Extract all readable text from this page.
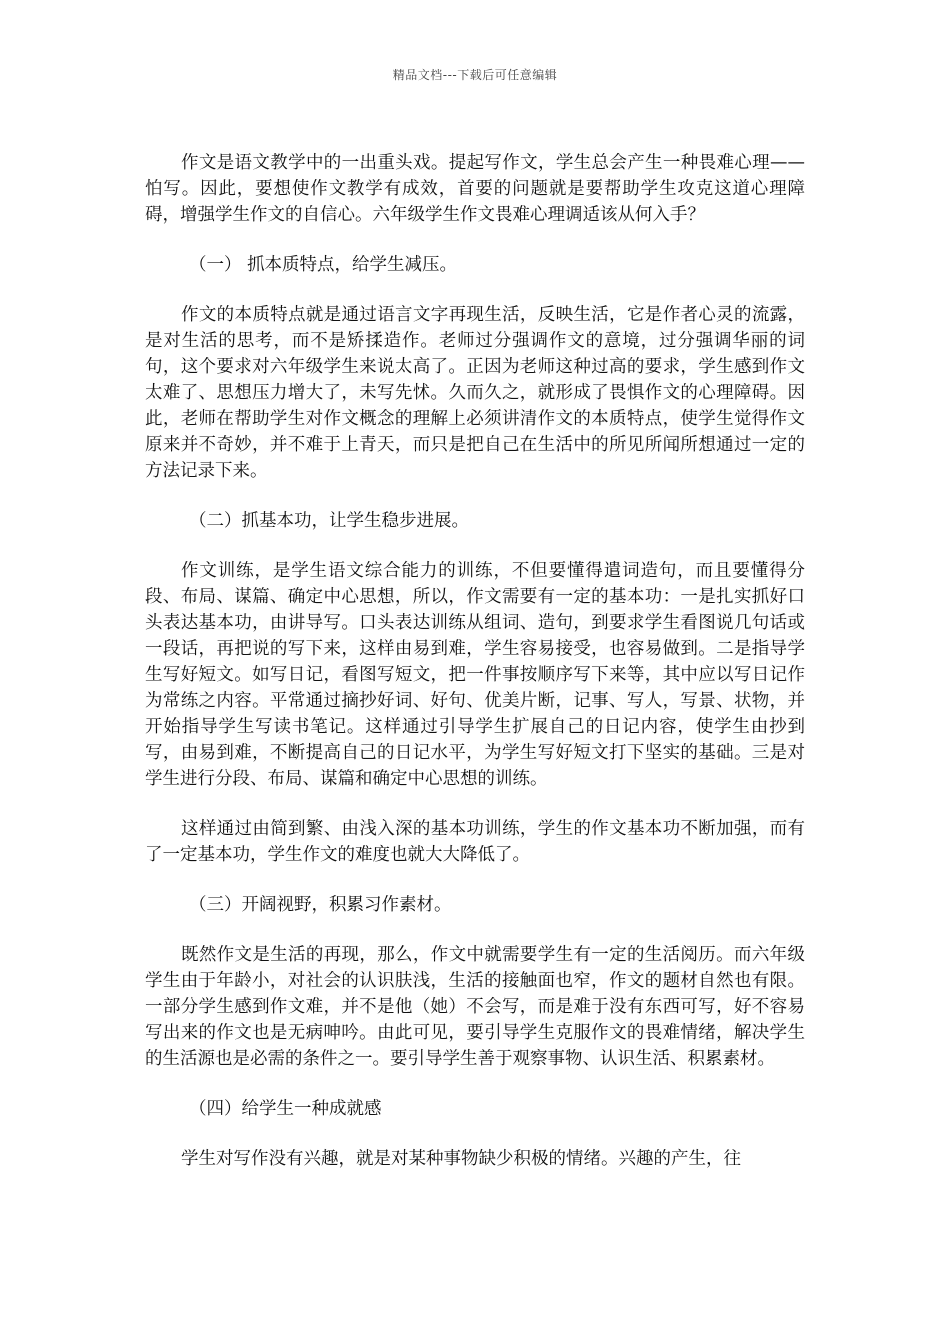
精品文档---下载后可任意编辑

作文是语文教学中的一出重头戏。提起写作文，学生总会产生一种畏难心理——怕写。因此，要想使作文教学有成效，首要的问题就是要帮助学生攻克这道心理障碍，增强学生作文的自信心。六年级学生作文畏难心理调适该从何入手？

（一） 抓本质特点，给学生减压。

作文的本质特点就是通过语言文字再现生活，反映生活，它是作者心灵的流露，是对生活的思考，而不是矫揉造作。老师过分强调作文的意境，过分强调华丽的词句，这个要求对六年级学生来说太高了。正因为老师这种过高的要求，学生感到作文太难了、思想压力增大了，未写先怵。久而久之，就形成了畏惧作文的心理障碍。因此，老师在帮助学生对作文概念的理解上必须讲清作文的本质特点，使学生觉得作文原来并不奇妙，并不难于上青天，而只是把自己在生活中的所见所闻所想通过一定的方法记录下来。

（二）抓基本功，让学生稳步进展。

作文训练，是学生语文综合能力的训练，不但要懂得遣词造句，而且要懂得分段、布局、谋篇、确定中心思想，所以，作文需要有一定的基本功：一是扎实抓好口头表达基本功，由讲导写。口头表达训练从组词、造句，到要求学生看图说几句话或一段话，再把说的写下来，这样由易到难，学生容易接受，也容易做到。二是指导学生写好短文。如写日记，看图写短文，把一件事按顺序写下来等，其中应以写日记作为常练之内容。平常通过摘抄好词、好句、优美片断，记事、写人，写景、状物，并开始指导学生写读书笔记。这样通过引导学生扩展自己的日记内容，使学生由抄到写，由易到难，不断提高自己的日记水平，为学生写好短文打下坚实的基础。三是对学生进行分段、布局、谋篇和确定中心思想的训练。

这样通过由简到繁、由浅入深的基本功训练，学生的作文基本功不断加强，而有了一定基本功，学生作文的难度也就大大降低了。

（三）开阔视野，积累习作素材。

既然作文是生活的再现，那么，作文中就需要学生有一定的生活阅历。而六年级学生由于年龄小，对社会的认识肤浅，生活的接触面也窄，作文的题材自然也有限。一部分学生感到作文难，并不是他（她）不会写，而是难于没有东西可写，好不容易写出来的作文也是无病呻吟。由此可见，要引导学生克服作文的畏难情绪，解决学生的生活源也是必需的条件之一。要引导学生善于观察事物、认识生活、积累素材。

（四）给学生一种成就感

学生对写作没有兴趣，就是对某种事物缺少积极的情绪。兴趣的产生，往
